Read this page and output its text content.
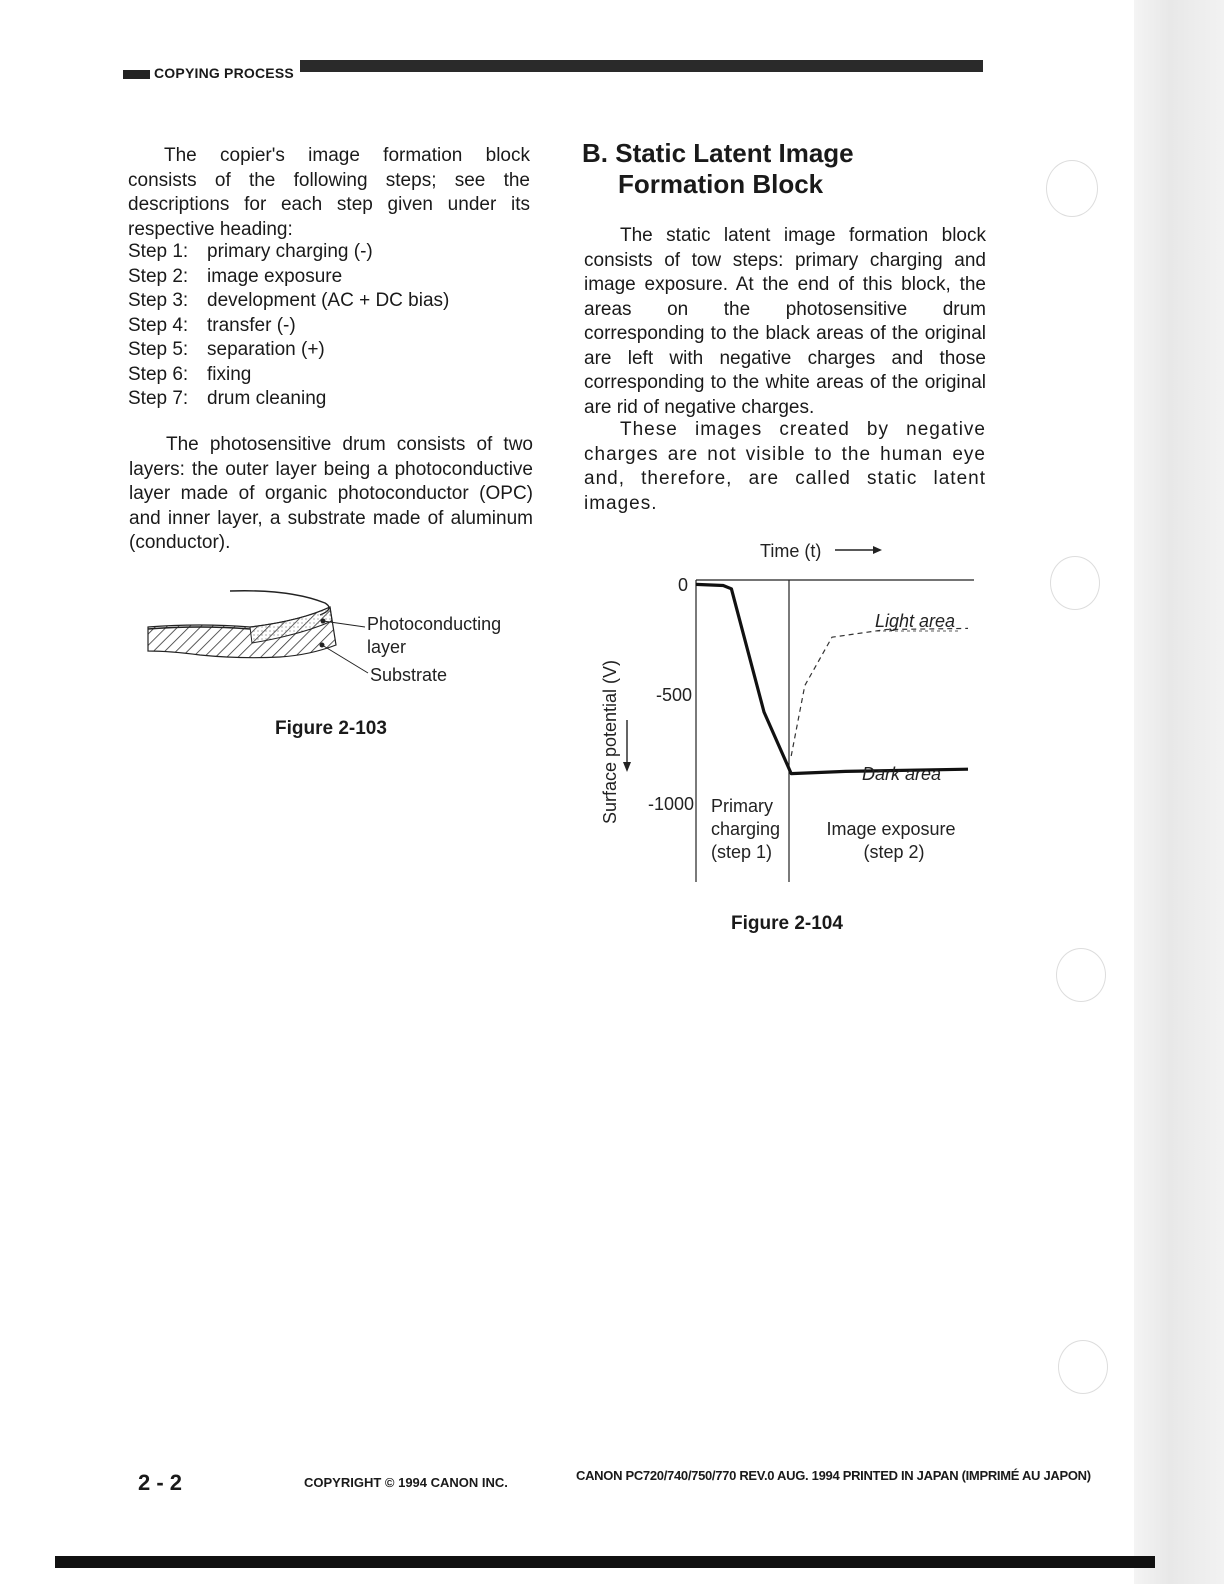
COPYING PROCESS
The copier's image formation block consists of the following steps; see the descriptions for each step given under its respective heading:
Step 1: primary charging (-)
Step 2: image exposure
Step 3: development (AC + DC bias)
Step 4: transfer (-)
Step 5: separation (+)
Step 6: fixing
Step 7: drum cleaning
The photosensitive drum consists of two layers: the outer layer being a photoconductive layer made of organic photoconductor (OPC) and inner layer, a substrate made of aluminum (conductor).
Photoconducting
layer
Substrate
Figure 2-103
B. Static Latent Image
Formation Block
The static latent image formation block consists of tow steps: primary charging and image exposure. At the end of this block, the areas on the photosensitive drum corresponding to the black areas of the original are left with negative charges and those corresponding to the white areas of the original are rid of negative charges.
These images created by negative charges are not visible to the human eye and, therefore, are called static latent images.
Time (t)
0
-500
-1000
Surface potential (V)
Light area
Dark area
Primary
charging
(step 1)
Image exposure
(step 2)
Figure 2-104
2 - 2	COPYRIGHT © 1994 CANON INC.	CANON PC720/740/750/770 REV.0 AUG. 1994 PRINTED IN JAPAN (IMPRIMÉ AU JAPON)
